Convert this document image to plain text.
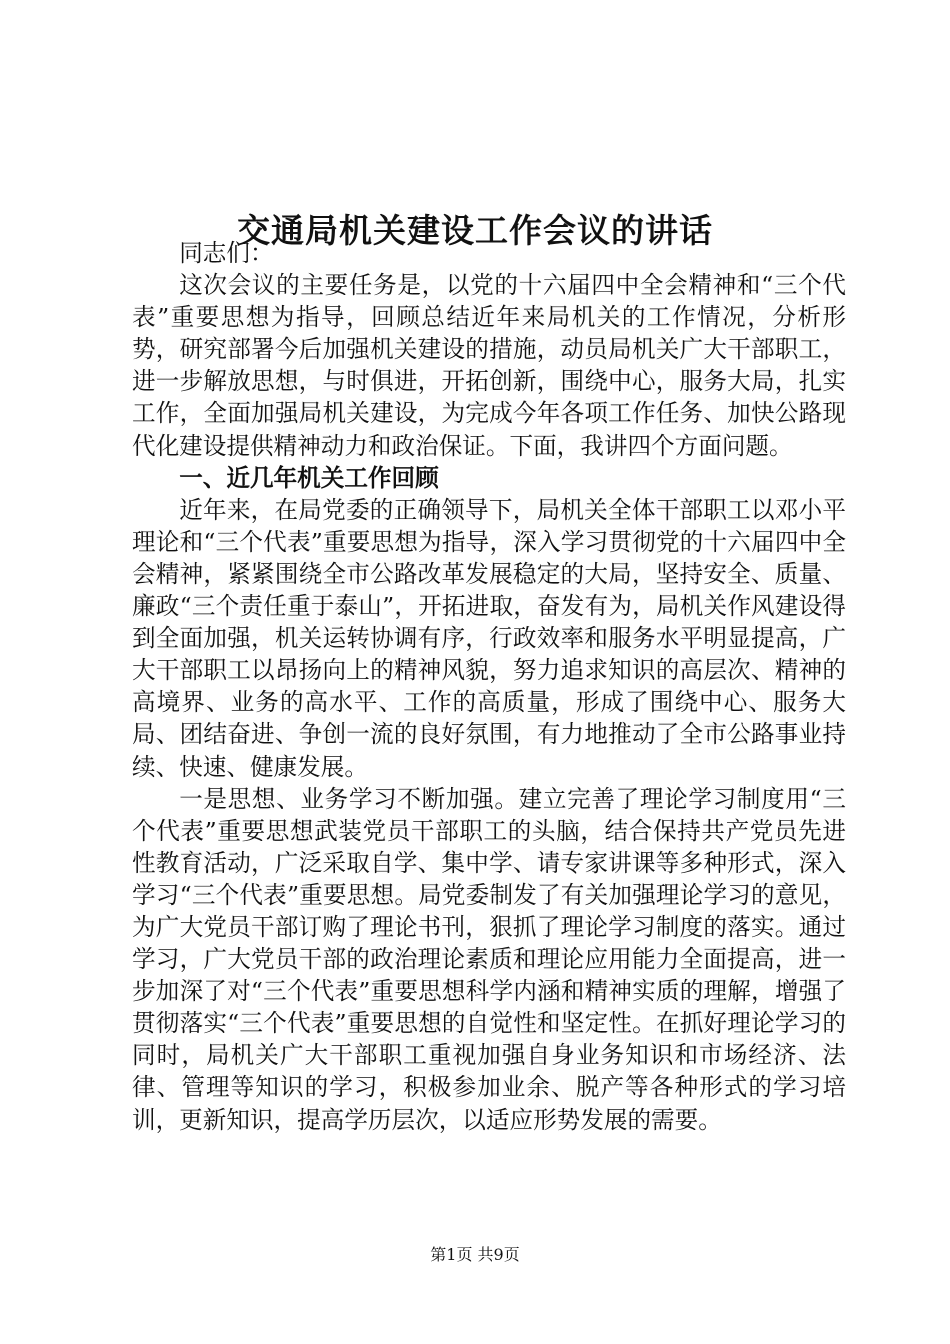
交通局机关建设工作会议的讲话

同志们：

这次会议的主要任务是，以党的十六届四中全会精神和“三个代表”重要思想为指导，回顾总结近年来局机关的工作情况，分析形势，研究部署今后加强机关建设的措施，动员局机关广大干部职工，进一步解放思想，与时俱进，开拓创新，围绕中心，服务大局，扎实工作，全面加强局机关建设，为完成今年各项工作任务、加快公路现代化建设提供精神动力和政治保证。下面，我讲四个方面问题。

一、近几年机关工作回顾

近年来，在局党委的正确领导下，局机关全体干部职工以邓小平理论和“三个代表”重要思想为指导，深入学习贯彻党的十六届四中全会精神，紧紧围绕全市公路改革发展稳定的大局，坚持安全、质量、廉政“三个责任重于泰山”，开拓进取，奋发有为，局机关作风建设得到全面加强，机关运转协调有序，行政效率和服务水平明显提高，广大干部职工以昂扬向上的精神风貌，努力追求知识的高层次、精神的高境界、业务的高水平、工作的高质量，形成了围绕中心、服务大局、团结奋进、争创一流的良好氛围，有力地推动了全市公路事业持续、快速、健康发展。

一是思想、业务学习不断加强。建立完善了理论学习制度用“三个代表”重要思想武装党员干部职工的头脑，结合保持共产党员先进性教育活动，广泛采取自学、集中学、请专家讲课等多种形式，深入学习“三个代表”重要思想。局党委制发了有关加强理论学习的意见，为广大党员干部订购了理论书刊，狠抓了理论学习制度的落实。通过学习，广大党员干部的政治理论素质和理论应用能力全面提高，进一步加深了对“三个代表”重要思想科学内涵和精神实质的理解，增强了贯彻落实“三个代表”重要思想的自觉性和坚定性。在抓好理论学习的同时，局机关广大干部职工重视加强自身业务知识和市场经济、法律、管理等知识的学习，积极参加业余、脱产等各种形式的学习培训，更新知识，提高学历层次，以适应形势发展的需要。

第1页 共9页
